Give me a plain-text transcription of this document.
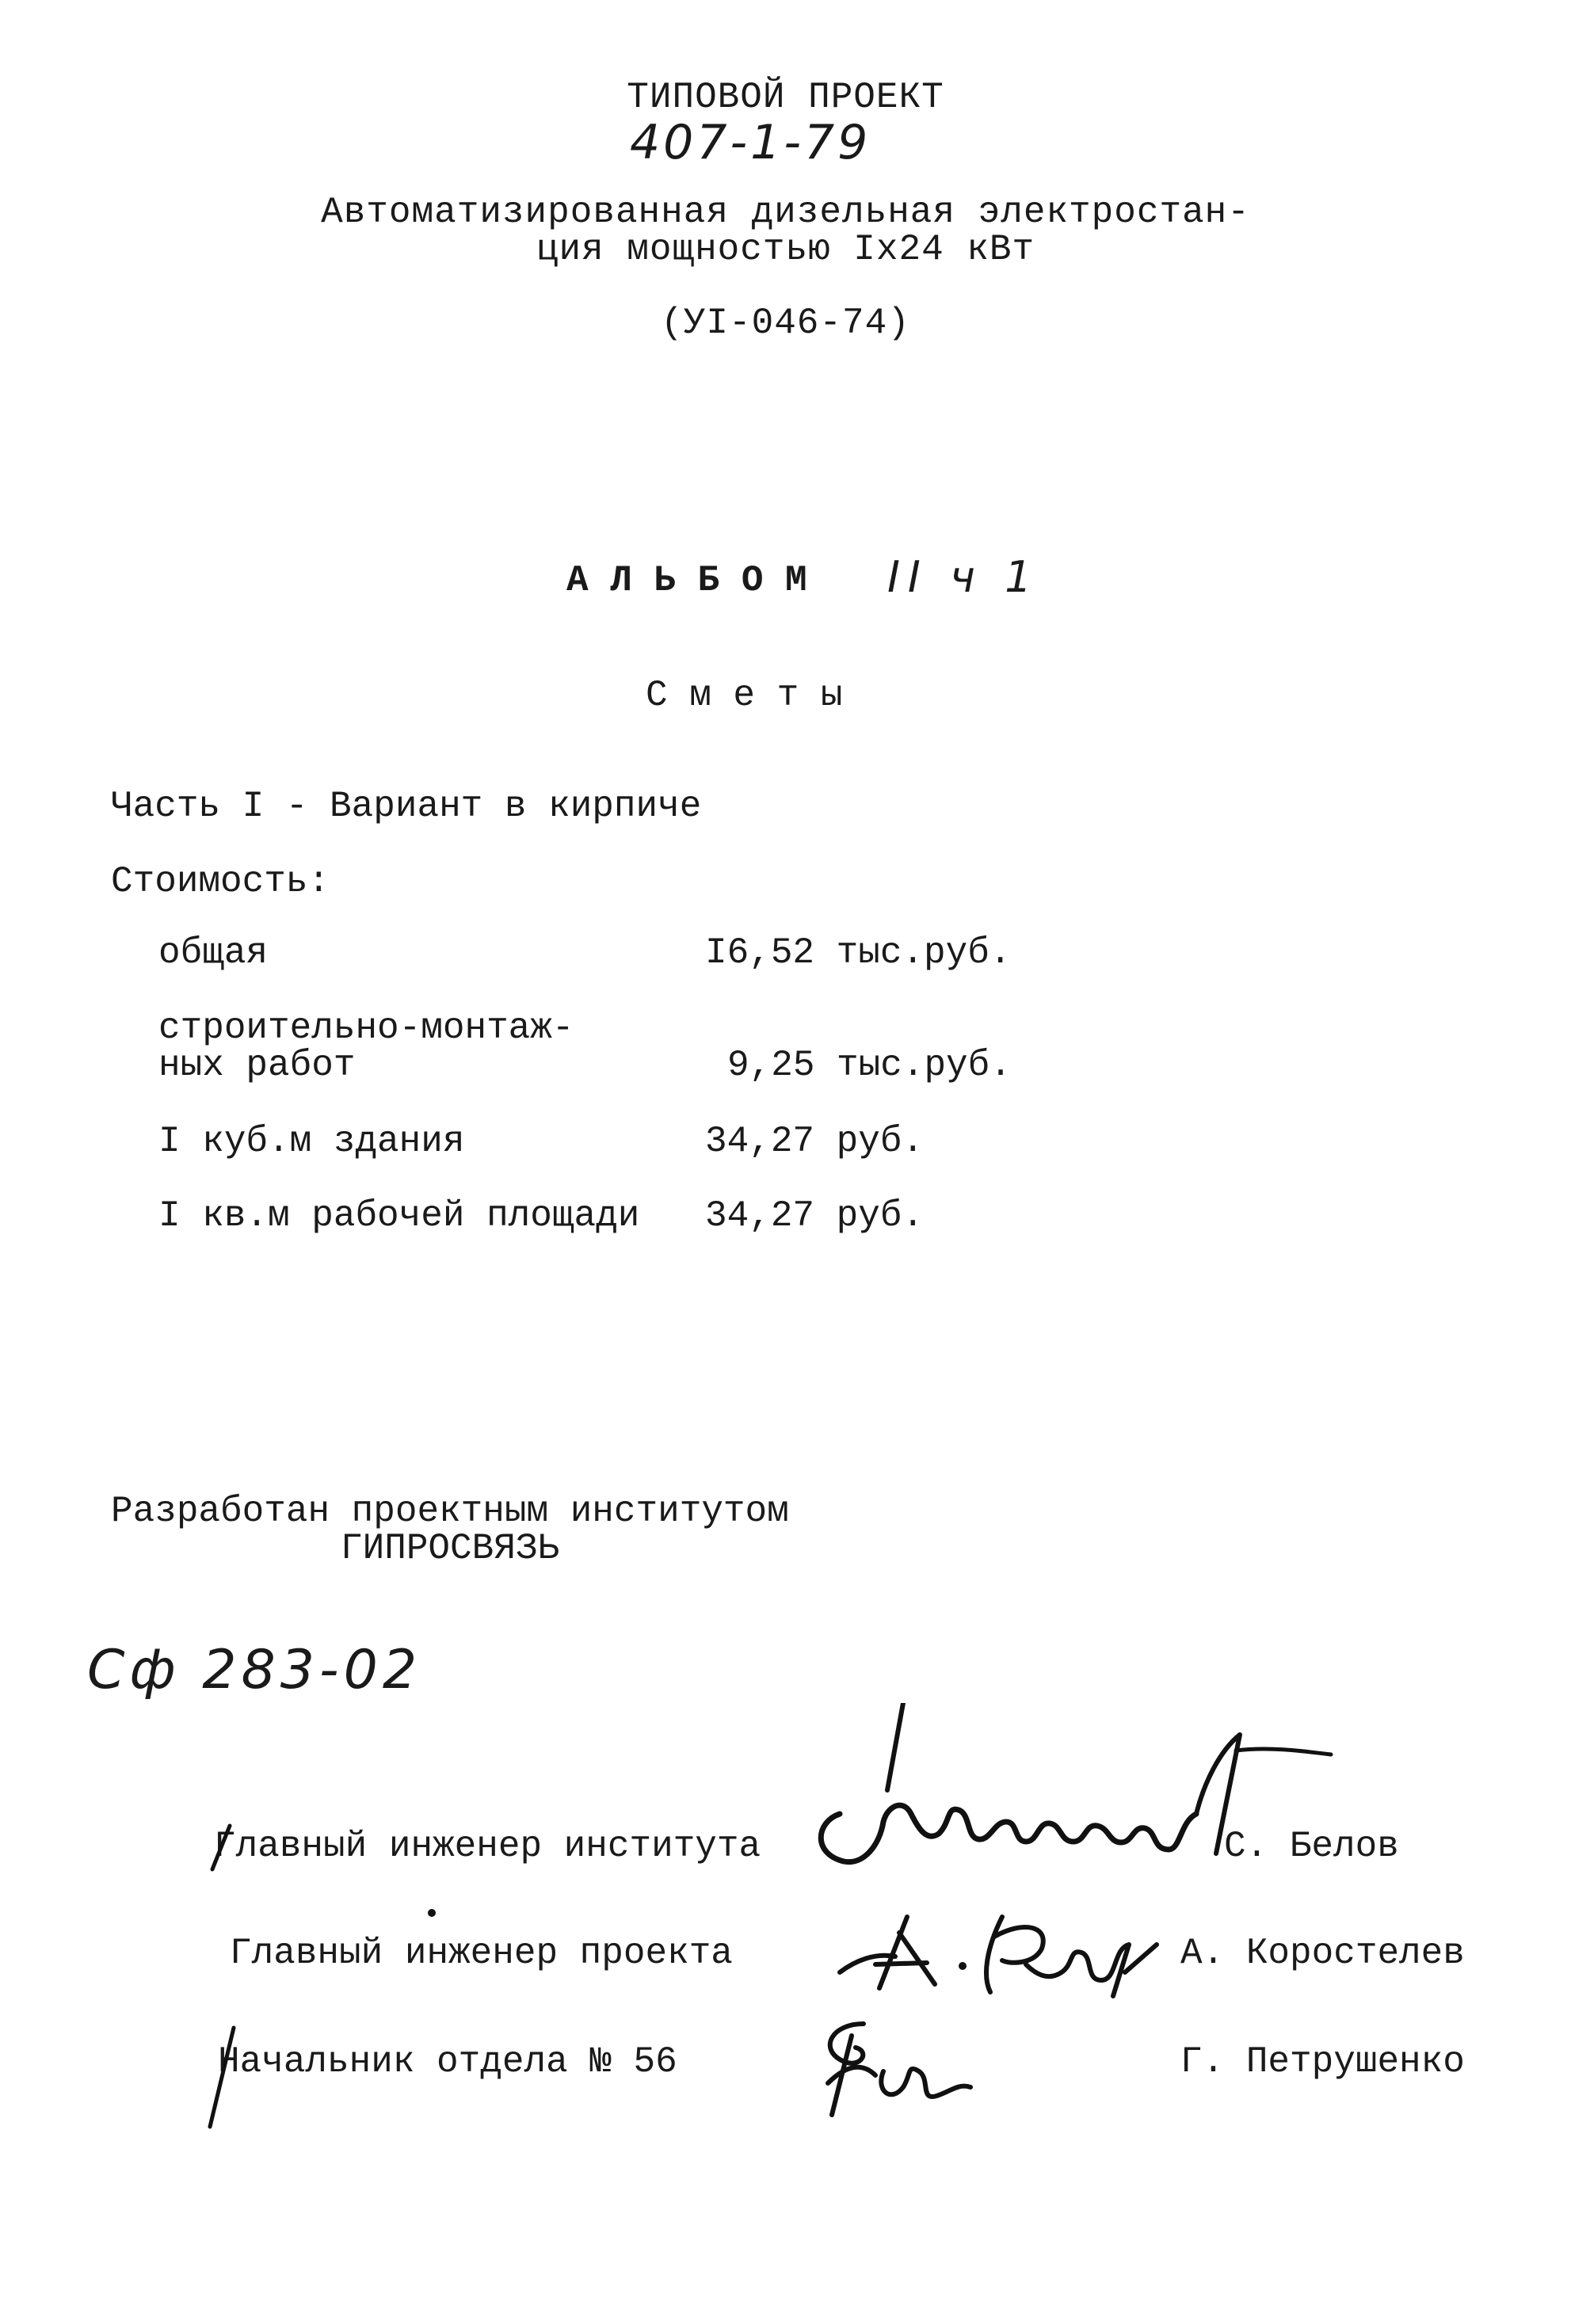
ТИПОВОЙ ПРОЕКТ
407-1-79
Автоматизированная дизельная электростан-
ция мощностью Ix24 кВт
(УI-046-74)
А Л Ь Б О М II ч 1
С м е т ы
Часть I - Вариант в кирпиче
Стоимость:
общая	I6,52 тыс.руб.
строительно-монтаж-
ных работ	9,25 тыс.руб.
I куб.м здания	34,27 руб.
I кв.м рабочей площади 34,27 руб.
Разработан проектным институтом
ГИПРОСВЯЗЬ
Сф 283-02
Главный инженер института	С. Белов
Главный инженер проекта	А. Коростелев
Начальник отдела № 56	Г. Петрушенко
